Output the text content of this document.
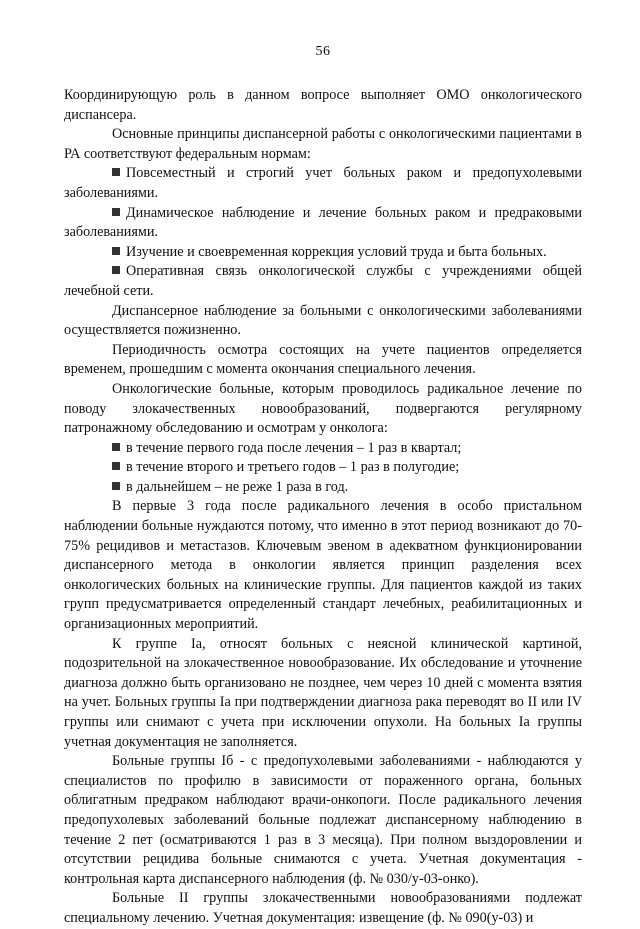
56

Координирующую роль в данном вопросе выполняет ОМО онкологического диспансера.

Основные принципы диспансерной работы с онкологическими пациентами в РА соответствуют федеральным нормам:

Повсеместный и строгий учет больных раком и предопухолевыми заболеваниями.

Динамическое наблюдение и лечение больных раком и предраковыми заболеваниями.

Изучение и своевременная коррекция условий труда и быта больных.

Оперативная связь онкологической службы с учреждениями общей лечебной сети.

Диспансерное наблюдение за больными с онкологическими заболеваниями осуществляется пожизненно.

Периодичность осмотра состоящих на учете пациентов определяется временем, прошедшим с момента окончания специального лечения.

Онкологические больные, которым проводилось радикальное лечение по поводу злокачественных новообразований, подвергаются регулярному патронажному обследованию и осмотрам у онколога:

в течение первого года после лечения – 1 раз в квартал;

в течение второго и третьего годов – 1 раз в полугодие;

в дальнейшем – не реже 1 раза в год.

В первые 3 года после радикального лечения в особо пристальном наблюдении больные нуждаются потому, что именно в этот период возникают до 70-75% рецидивов и метастазов. Ключевым эвеном в адекватном функционировании диспансерного метода в онкологии является принцип разделения всех онкологических больных на клинические группы. Для пациентов каждой из таких групп предусматривается определенный стандарт лечебных, реабилитационных и организационных мероприятий.

К группе Iа, относят больных с неясной клинической картиной, подозрительной на злокачественное новообразование. Их обследование и уточнение диагноза должно быть организовано не позднее, чем через 10 дней с момента взятия на учет. Больных группы Ia при подтверждении диагноза рака переводят во II или IV группы или снимают с учета при исключении опухоли. На больных Ia группы учетная документация не заполняется.

Больные группы Iб - с предопухолевыми заболеваниями - наблюдаются у специалистов по профилю в зависимости от пораженного органа, больных облигатным предраком наблюдают врачи-онкопоги. После радикального лечения предопухолевых заболеваний больные подлежат диспансерному наблюдению в течение 2 пет (осматриваются 1 раз в 3 месяца). При полном выздоровлении и отсутствии рецидива больные снимаются с учета. Учетная документация - контрольная карта диспансерного наблюдения (ф. № 030/у-03-онко).

Больные II группы злокачественными новообразованиями подлежат специальному лечению. Учетная документация: извещение (ф. № 090(у-03) и
